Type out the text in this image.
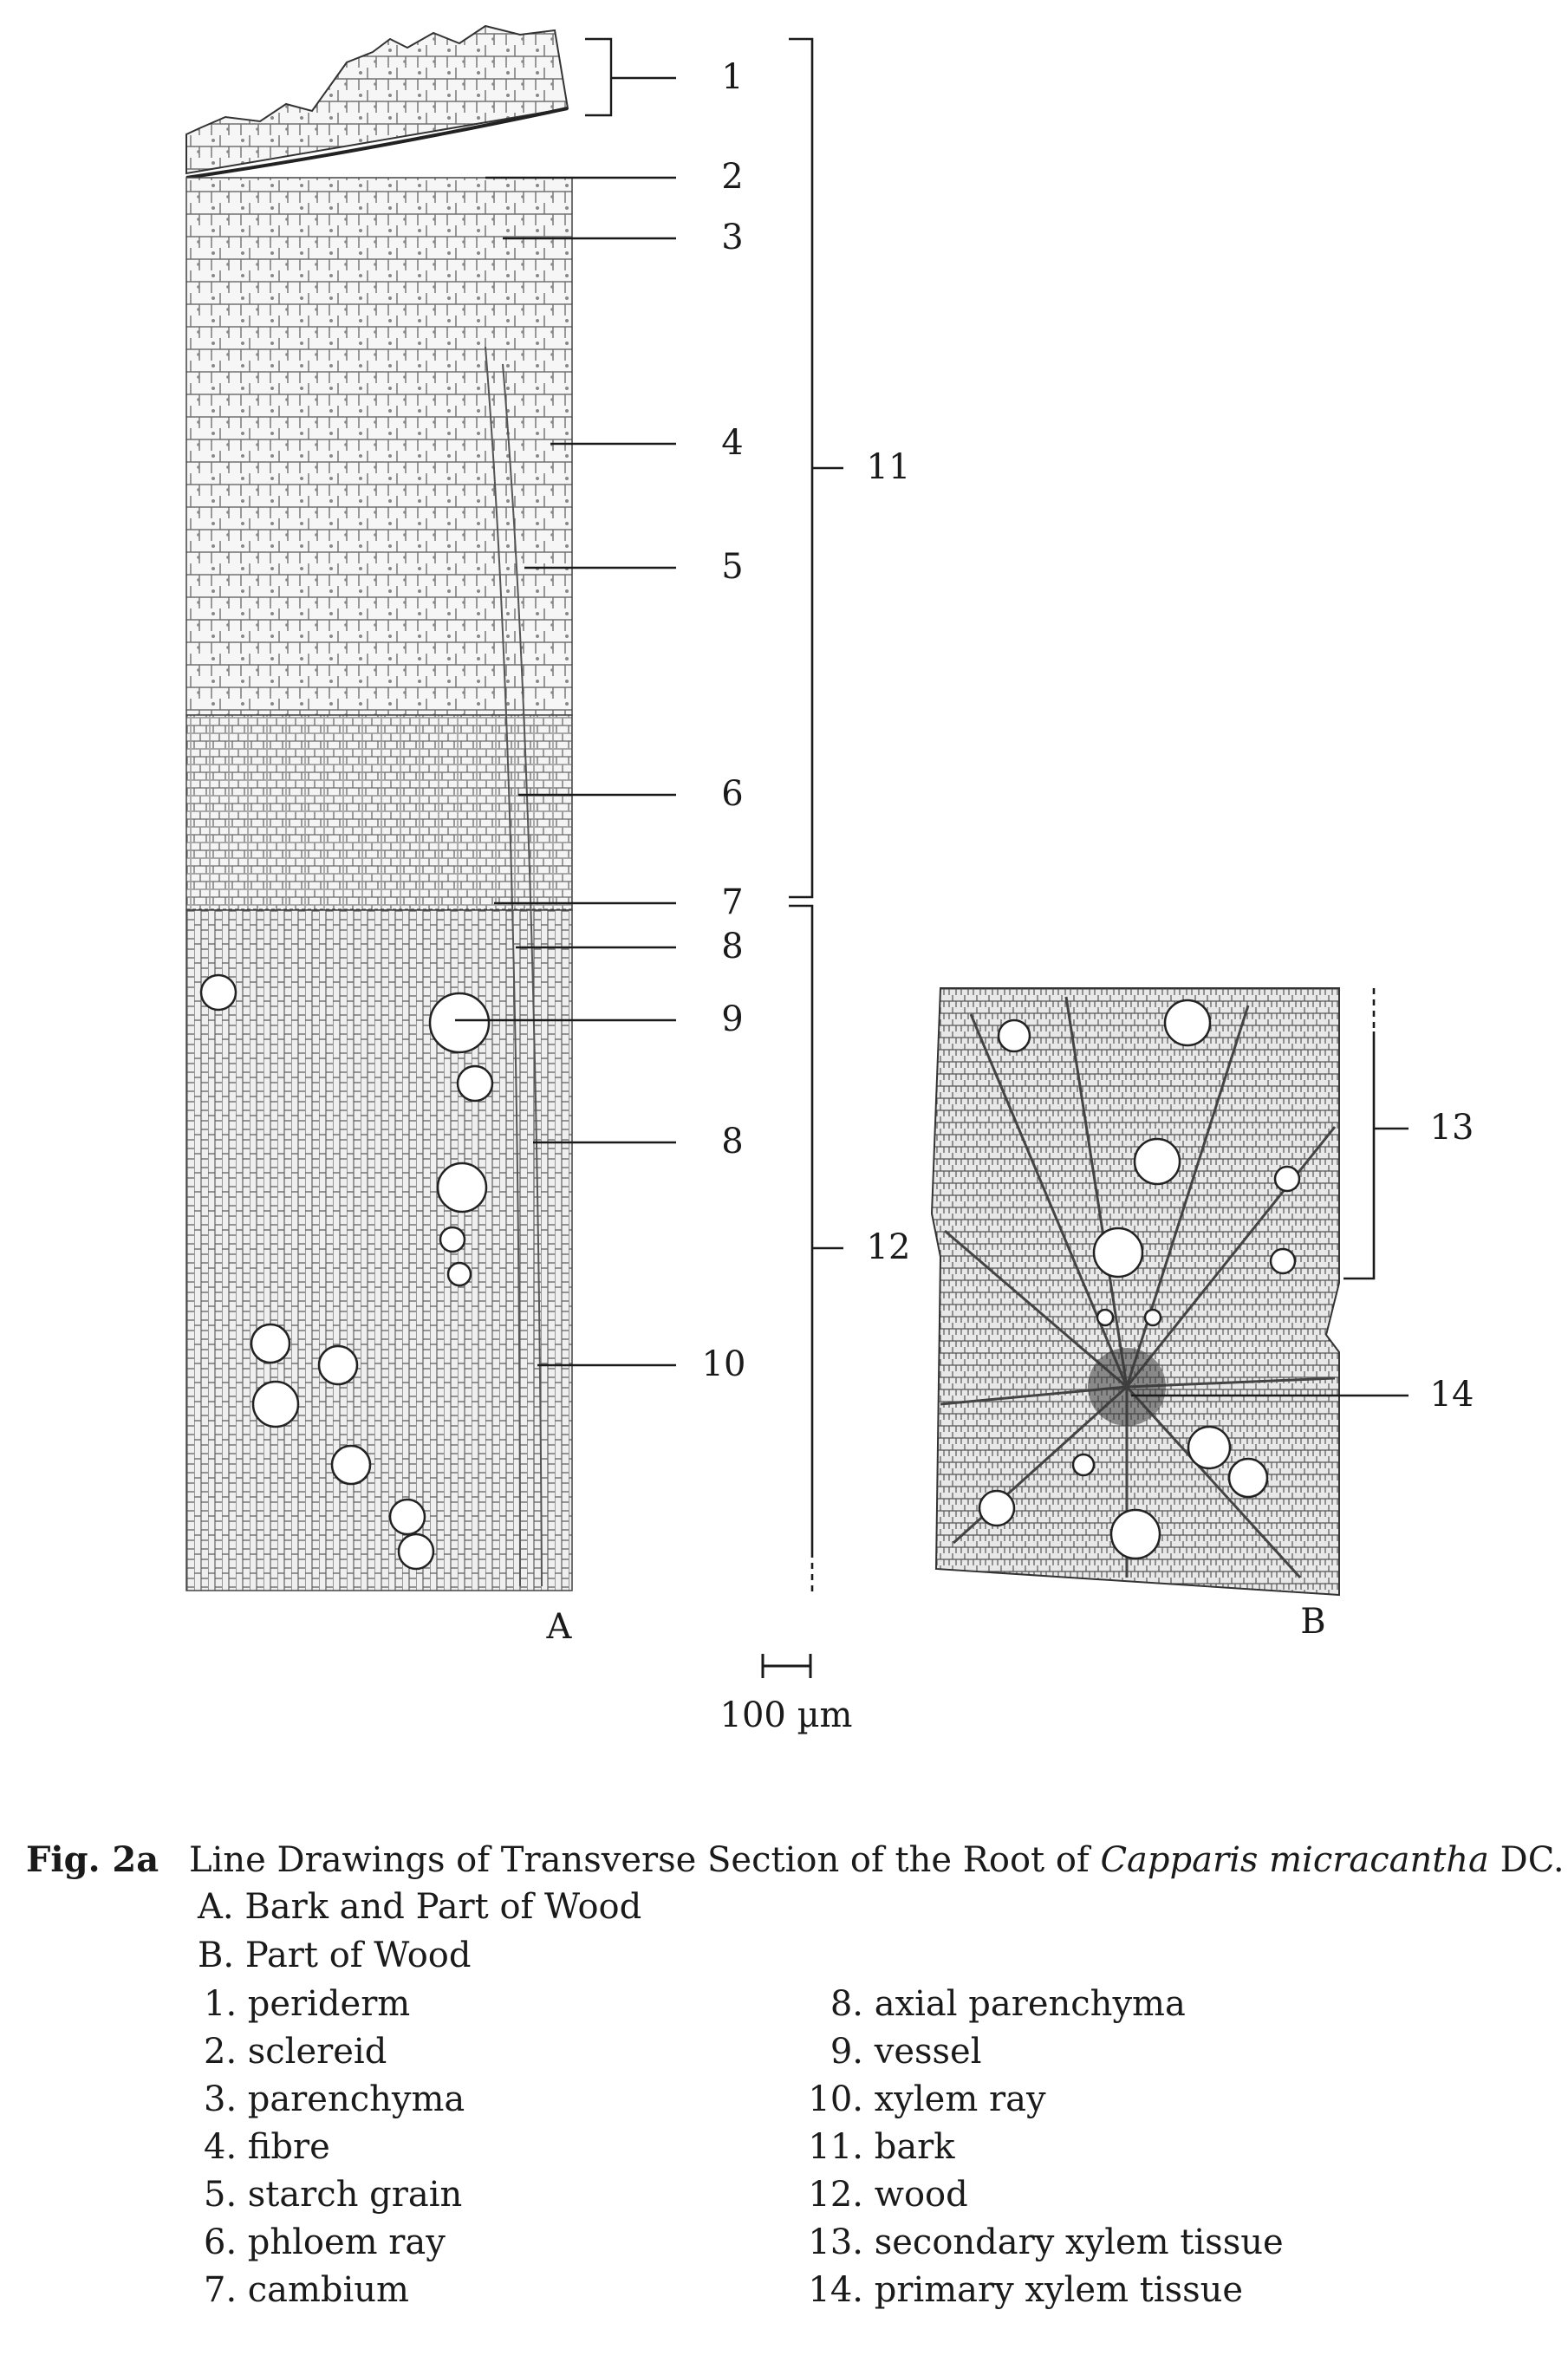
1
2
3
4
5
6
7
8
9
8
10
11
12
13
14
A	B
100 µm
Fig. 2a Line Drawings of Transverse Section of the Root of Capparis micracantha DC.
A. Bark and Part of Wood
B. Part of Wood
1. periderm
2. sclereid
3. parenchyma
4. fibre
5. starch grain
6. phloem ray
7. cambium
8. axial parenchyma
9. vessel
10. xylem ray
11. bark
12. wood
13. secondary xylem tissue
14. primary xylem tissue
